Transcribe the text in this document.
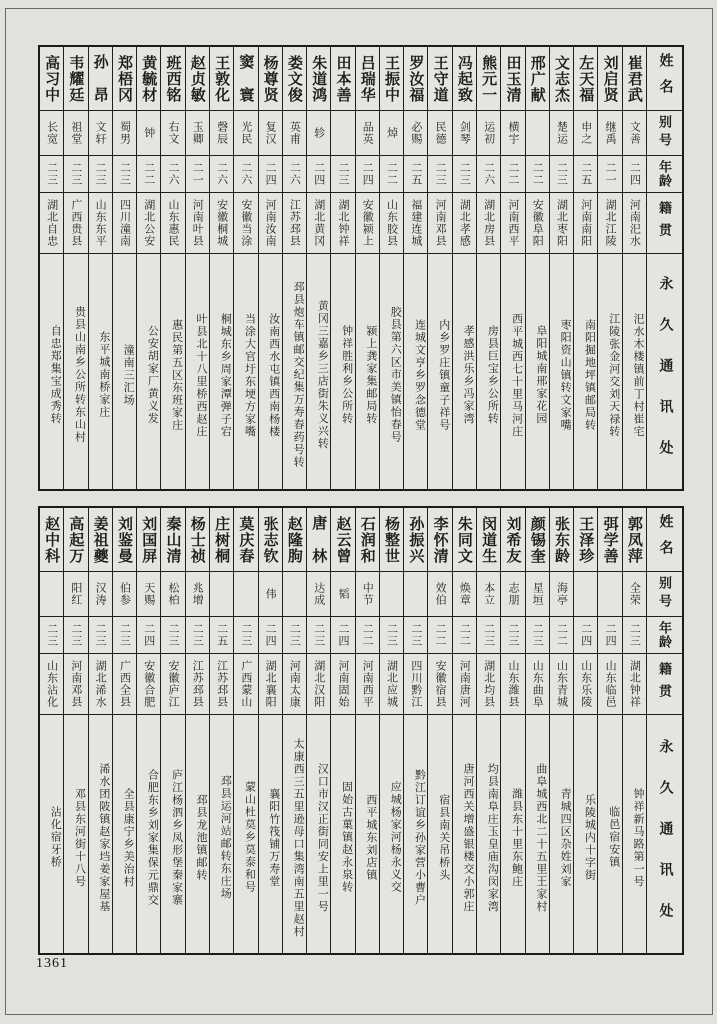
姓名
别号
年龄
籍贯
永久通讯处
崔君武
文善
二四
河南汜水
汜水木楼镇前丁村崔宅
刘启贤
继禹
二一
湖北江陵
江陵张金河交刘天禄转
左天福
申之
二五
河南南阳
南阳掘地坪镇邮局转
文志杰
楚运
二三
湖北枣阳
枣阳资山镇转文家嘴
邢广献
二二
安徽阜阳
阜阳城南邢家花园
田玉清
横宇
二二
河南西平
西平城西七十里马河庄
熊元一
运初
二六
湖北房县
房县巨宝乡公所转
冯起致
剑琴
二三
湖北孝感
孝感洪乐乡冯家湾
王守道
民德
二三
河南邓县
内乡罗庄镇童子祥号
罗汝福
必赐
二五
福建连城
连城文亨乡罗念德堂
王振中
焯
二二
山东胶县
胶县第六区市美镇怡春号
吕瑞华
品英
二四
安徽颍上
颍上龚家集邮局转
田本善
二三
湖北钟祥
钟祥胜利乡公所转
朱道鸿
轸
二四
湖北黄冈
黄冈三嘉乡三店街朱义兴转
娄文俊
英甫
二六
江苏邳县
邳县炮车镇邮交纪集万寿春药号转
杨尊贤
复汉
二四
河南汝南
汝南西水屯镇西南杨楼
窦 寰
光民
二六
安徽当涂
当涂大官圩东埂方家嘴
王敦化
磬辰
二六
安徽桐城
桐城东乡周家潭弹子宕
赵贞敏
玉卿
二一
河南叶县
叶县北十八里桥西赵庄
班西铭
右文
二六
山东惠民
惠民第五区东班家庄
黄毓材
钟
二二
湖北公安
公安胡家厂黄义发
郑梧冈
蜀男
二三
四川潼南
潼南三汇场
孙 昂
文轩
二三
山东东平
东平城南桥家庄
韦耀廷
祖堂
二三
广西贵县
贵县山南乡公所转东山村
高习中
长宽
二三
湖北自忠
自忠郑集宝成秀转
姓名
别号
年龄
籍贯
永久通讯处
郭凤萍
全荣
二三
湖北钟祥
钟祥新马路第一号
弭学善
二四
山东临邑
临邑宿安镇
王泽珍
二四
山东乐陵
乐陵城内十字街
张东龄
海亭
二二
山东青城
青城四区杂姓刘家
颜锡奎
星垣
二三
山东曲阜
曲阜城西北二十五里王家村
刘希友
志朋
二三
山东潍县
潍县东十里东鲍庄
闵道生
本立
二三
湖北均县
均县南阜庄玉皇庙沟闵家湾
朱同文
焕章
二二
河南唐河
唐河西关增盛银楼交小郭庄
李怀清
效伯
二二
安徽宿县
宿县南关吊桥头
孙振兴
二三
四川黔江
黔江订谊乡孙家营小曹户
杨整世
二三
湖北应城
应城杨家河杨永义交
石润和
中节
二二
河南西平
西平城东刘店镇
赵云曾
韬
二四
河南固始
固始古菓镇赵永泉转
唐 林
达成
二三
湖北汉阳
汉口市汉正街同安上里一号
赵隆朐
二三
河南太康
太康西三五里逊母口集湾南五里赵村
张志钦
伟
二四
湖北襄阳
襄阳竹筏铺万寿堂
莫庆春
二三
广西蒙山
蒙山杜莫乡莫泰和号
庄树桐
二五
江苏邳县
邳县运河站邮转东庄场
杨士祯
兆增
二三
江苏邳县
邳县龙池镇邮转
秦山清
松柏
二三
安徽庐江
庐江杨泗乡凤形堡秦家寨
刘国屏
天赐
二四
安徽合肥
合肥东乡刘家集保元鼎交
刘鉴曼
伯参
二三
广西全县
全县康宁乡美治村
姜祖夔
汉涛
二三
湖北浠水
浠水团陂镇赵家垱姜家屋基
高起万
阳红
二三
河南邓县
邓县东河街十八号
赵中科
二三
山东沾化
沾化宿牙桥
1361
